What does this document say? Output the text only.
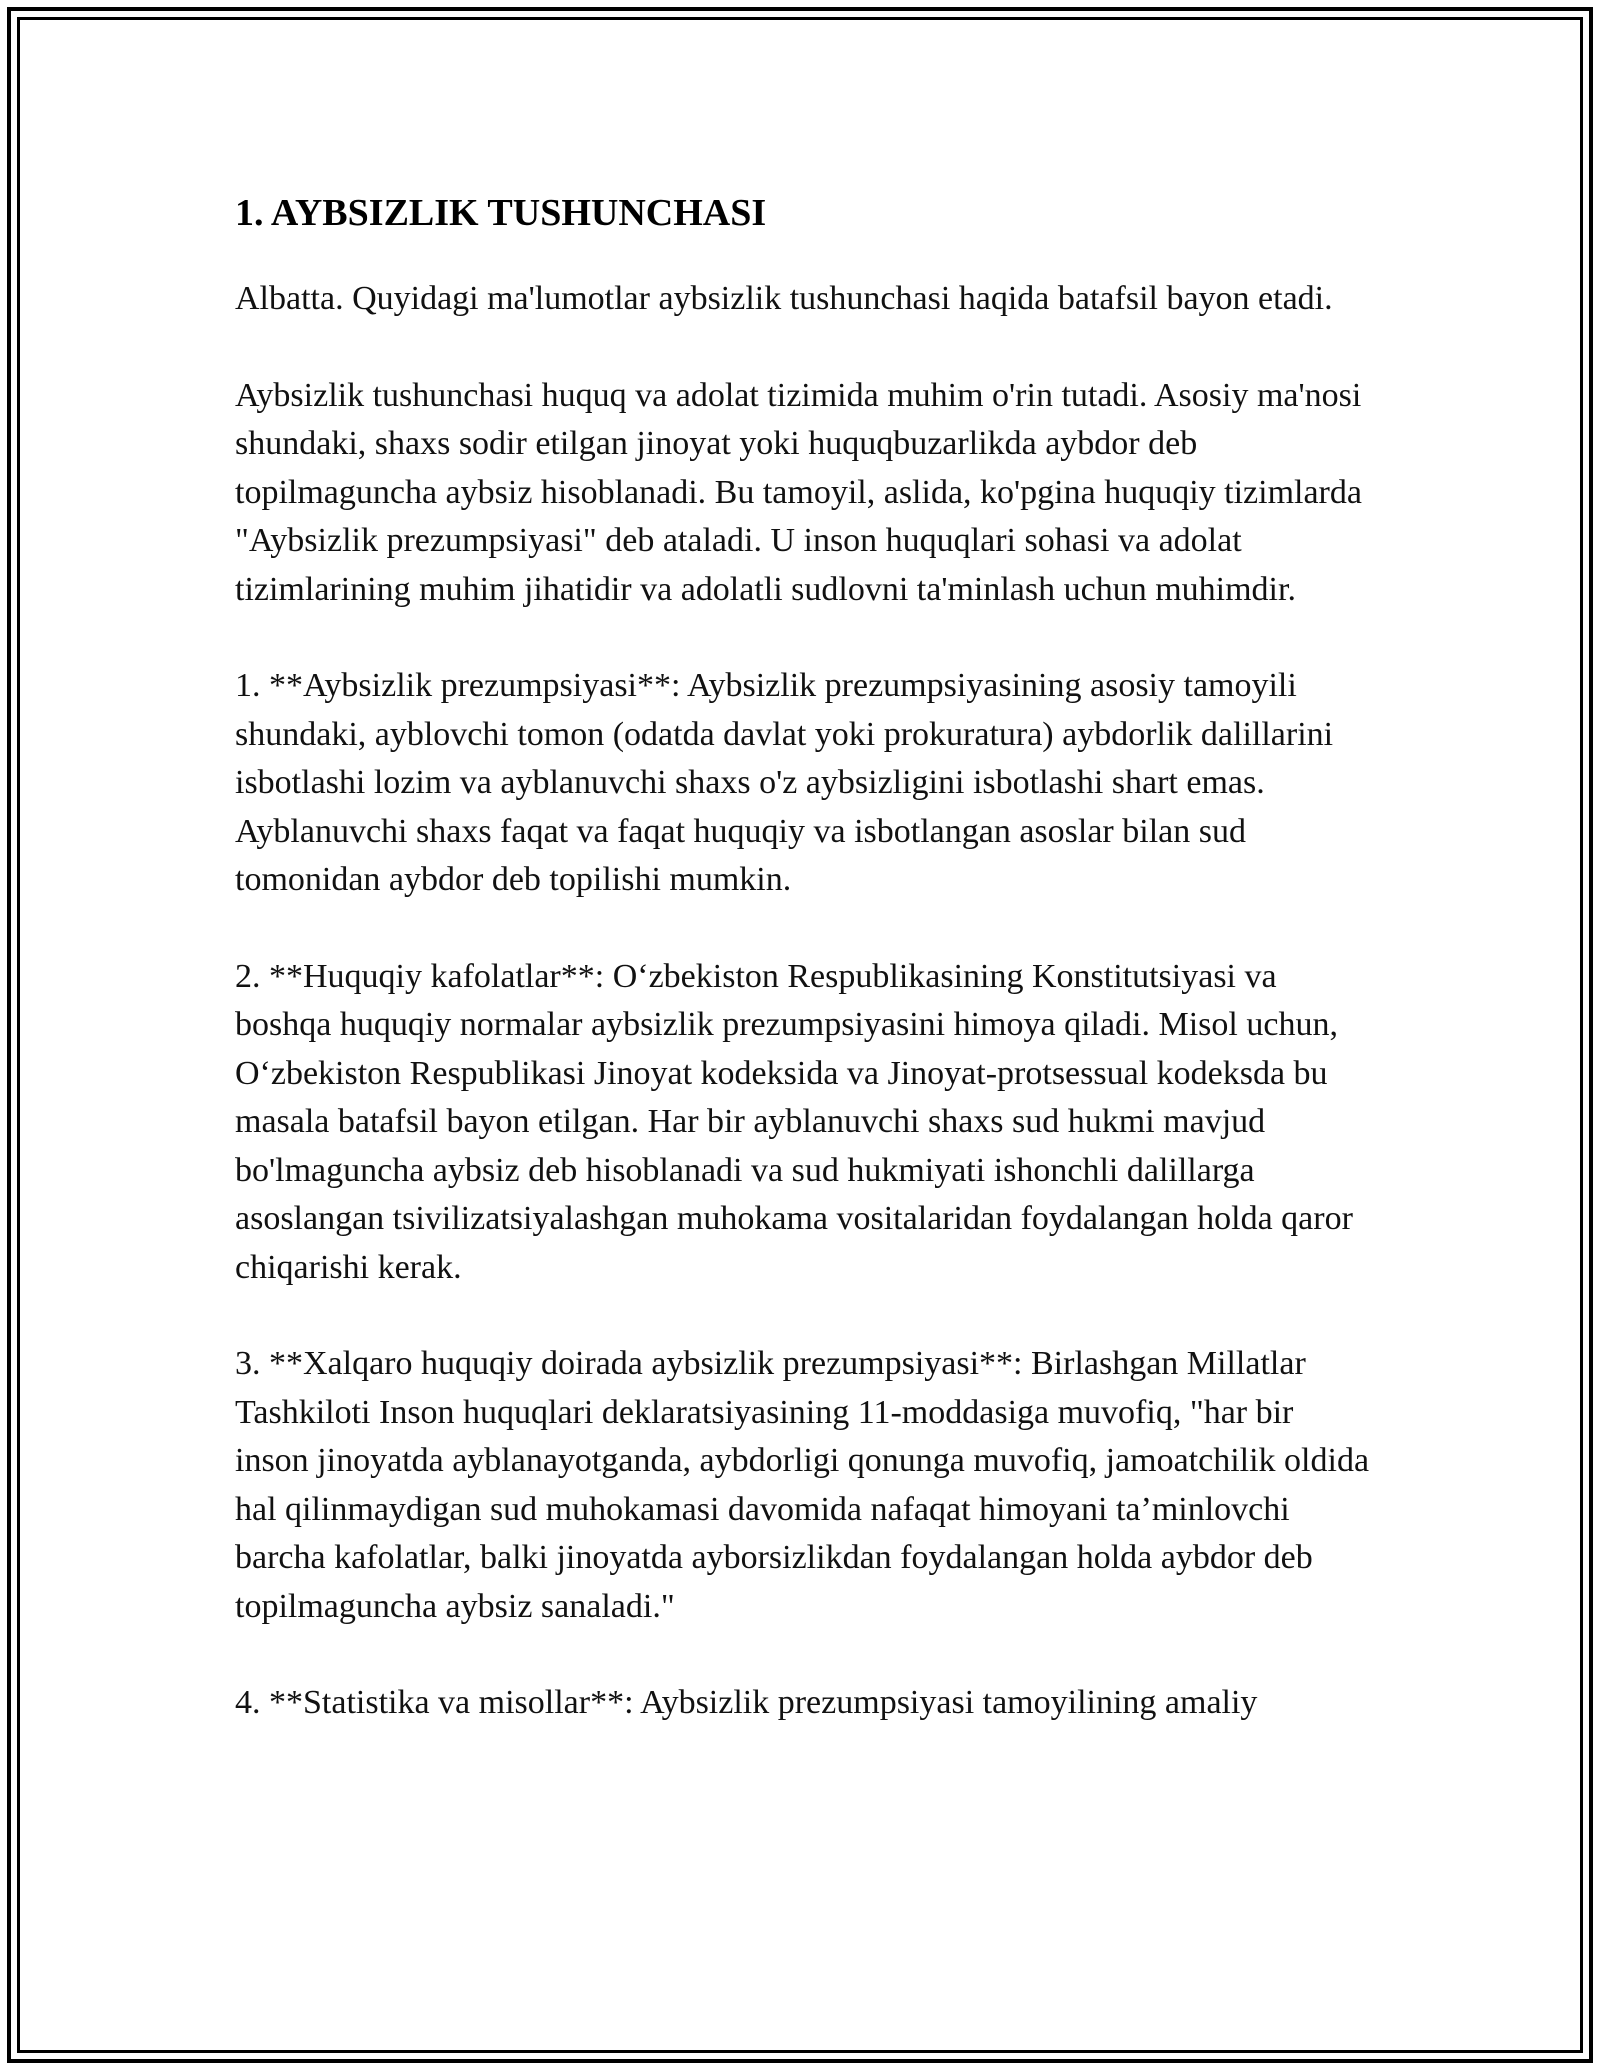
1. AYBSIZLIK TUSHUNCHASI

Albatta. Quyidagi ma'lumotlar aybsizlik tushunchasi haqida batafsil bayon etadi.

Aybsizlik tushunchasi huquq va adolat tizimida muhim o'rin tutadi. Asosiy ma'nosi shundaki, shaxs sodir etilgan jinoyat yoki huquqbuzarlikda aybdor deb topilmaguncha aybsiz hisoblanadi. Bu tamoyil, aslida, ko'pgina huquqiy tizimlarda "Aybsizlik prezumpsiyasi" deb ataladi. U inson huquqlari sohasi va adolat tizimlarining muhim jihatidir va adolatli sudlovni ta'minlash uchun muhimdir.

1. **Aybsizlik prezumpsiyasi**: Aybsizlik prezumpsiyasining asosiy tamoyili shundaki, ayblovchi tomon (odatda davlat yoki prokuratura) aybdorlik dalillarini isbotlashi lozim va ayblanuvchi shaxs o'z aybsizligini isbotlashi shart emas. Ayblanuvchi shaxs faqat va faqat huquqiy va isbotlangan asoslar bilan sud tomonidan aybdor deb topilishi mumkin.

2. **Huquqiy kafolatlar**: O‘zbekiston Respublikasining Konstitutsiyasi va boshqa huquqiy normalar aybsizlik prezumpsiyasini himoya qiladi. Misol uchun, O‘zbekiston Respublikasi Jinoyat kodeksida va Jinoyat-protsessual kodeksda bu masala batafsil bayon etilgan. Har bir ayblanuvchi shaxs sud hukmi mavjud bo'lmaguncha aybsiz deb hisoblanadi va sud hukmiyati ishonchli dalillarga asoslangan tsivilizatsiyalashgan muhokama vositalaridan foydalangan holda qaror chiqarishi kerak.

3. **Xalqaro huquqiy doirada aybsizlik prezumpsiyasi**: Birlashgan Millatlar Tashkiloti Inson huquqlari deklaratsiyasining 11-moddasiga muvofiq, "har bir inson jinoyatda ayblanayotganda, aybdorligi qonunga muvofiq, jamoatchilik oldida hal qilinmaydigan sud muhokamasi davomida nafaqat himoyani ta’minlovchi barcha kafolatlar, balki jinoyatda ayborsizlikdan foydalangan holda aybdor deb topilmaguncha aybsiz sanaladi."

4. **Statistika va misollar**: Aybsizlik prezumpsiyasi tamoyilining amaliy
